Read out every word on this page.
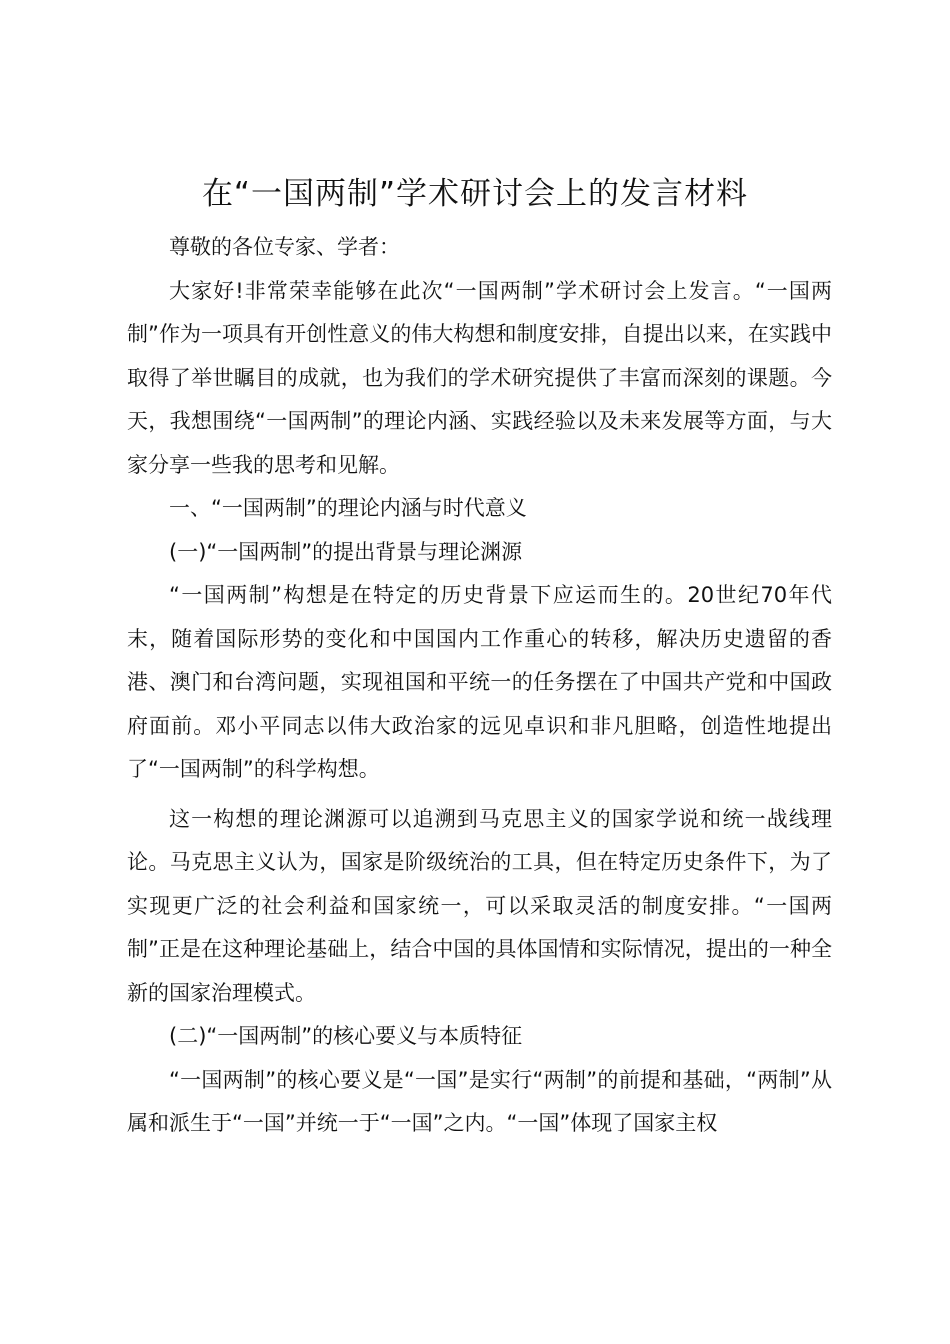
在“一国两制”学术研讨会上的发言材料

尊敬的各位专家、学者：

大家好!非常荣幸能够在此次“一国两制”学术研讨会上发言。“一国两制”作为一项具有开创性意义的伟大构想和制度安排，自提出以来，在实践中取得了举世瞩目的成就，也为我们的学术研究提供了丰富而深刻的课题。今天，我想围绕“一国两制”的理论内涵、实践经验以及未来发展等方面，与大家分享一些我的思考和见解。

一、“一国两制”的理论内涵与时代意义

(一)“一国两制”的提出背景与理论渊源

“一国两制”构想是在特定的历史背景下应运而生的。20世纪70年代末，随着国际形势的变化和中国国内工作重心的转移，解决历史遗留的香港、澳门和台湾问题，实现祖国和平统一的任务摆在了中国共产党和中国政府面前。邓小平同志以伟大政治家的远见卓识和非凡胆略，创造性地提出了“一国两制”的科学构想。

这一构想的理论渊源可以追溯到马克思主义的国家学说和统一战线理论。马克思主义认为，国家是阶级统治的工具，但在特定历史条件下，为了实现更广泛的社会利益和国家统一，可以采取灵活的制度安排。“一国两制”正是在这种理论基础上，结合中国的具体国情和实际情况，提出的一种全新的国家治理模式。

(二)“一国两制”的核心要义与本质特征

“一国两制”的核心要义是“一国”是实行“两制”的前提和基础，“两制”从属和派生于“一国”并统一于“一国”之内。“一国”体现了国家主权
